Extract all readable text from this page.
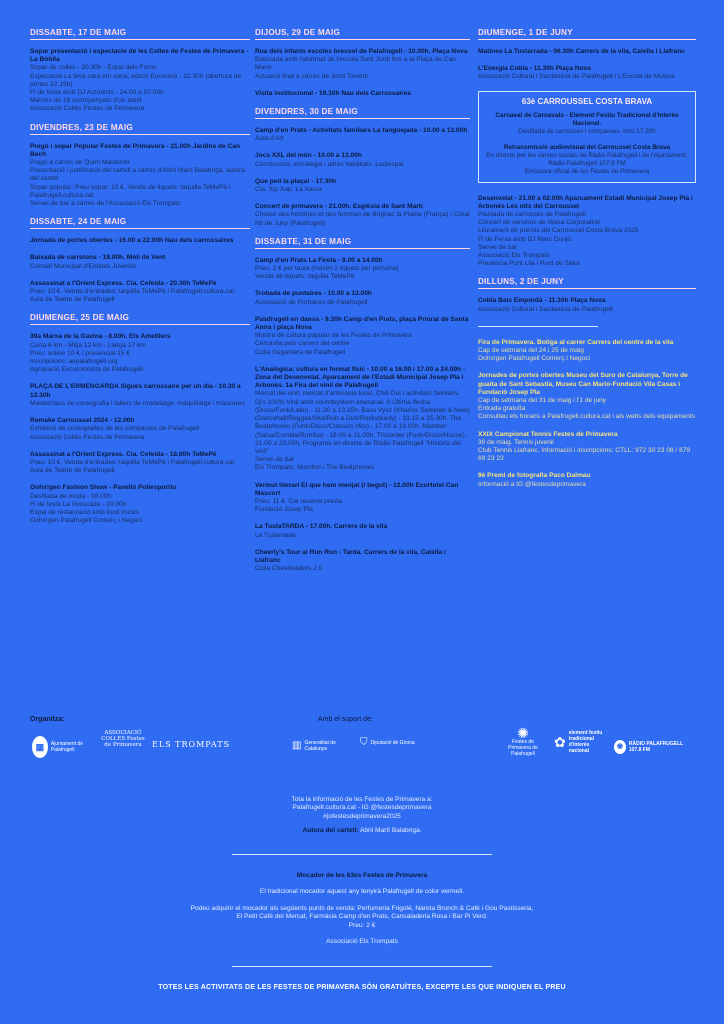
DISSABTE, 17 DE MAIG
Sopar presentació i espectacle de les Colles de Festes de Primavera - La Bòbila
Sopar de colles - 20.30h - Espai dels Forns
Espectacle La teva cara em sona, edició Eurovisió - 22.30h (obertura de portes 22.15h)
Fi de festa amb DJ Arzonists - 24.00 a 02.00h
Menors de 18 acompanyats d'un adult
Associació Colles Festes de Primavera
DIVENDRES, 23 DE MAIG
Pregó i sopar Popular Festes de Primavera - 21.00h Jardins de Can Bech
Pregó a càrrec de Quim Masferrer
Presentació i justificació del cartell a càrrec d'Abril Martí Balabriga, autora del cartell
Sopar popular: Preu sopar: 10 €. Venda de tiquets: taquilla TeMePè i Palafrugell.cultura.cat
Servei de bar a càrrec de l'Associació Els Trompats
DISSABTE, 24 DE MAIG
Jornada de portes obertes - 16.00 a 22.00h Nau dels carrossaires
Baixada de carretons - 18.00h. Molí de Vent
Consell Municipal d'Entitats Juvenils
Assassinat a l'Orient Express. Cia. Cefeida - 20.30h TeMePè
Preu: 10 €. Venda d'entrades: taquilla TeMePè i Palafrugell.cultura.cat
Aula de Teatre de Palafrugell
DIUMENGE, 25 DE MAIG
39a Marxa de la Gavina - 8.00h. Els Ametllers
Curta 6 km - Mitja 12 km - Llarga 17 km
Preu: online 10 € / presencial 15 €
Inscripcions: aepalafrugell.org
Agrupació Excursionista de Palafrugell
PLAÇA DE L'ERMENGARDA Sigues carrossaire per un dia - 10.30 a 13.30h
Masterclass de coreografia i tallers de modelatge, maquillatge i màscares
Remake Carroussel 2024 - 12.00h
Exhibició de coreografies de les comparses de Palafrugell
Associació Colles Festes de Primavera
Assassinat a l'Orient Express. Cia. Cefeida - 18.00h TeMePè
Preu: 10 €. Venda d'entrades: taquilla TeMePè i Palafrugell.cultura.cat
Aula de Teatre de Palafrugell
Oohx!gen Fashion Show - Pavelló Poliesportiu
Desfilada de moda - 18.00h
Fi de festa La Grescada - 20.00h
Espai de restauració amb food trucks
Oohx!gen Palafrugell Comerç i Negoci
DIJOUS, 29 DE MAIG
Rua dels infants escoles bressol de Palafrugell - 10.00h. Plaça Nova
Batucada amb l'alumnat de l'escola Sant Jordi fins a la Plaça de Can Mario
Actuació final a càrrec de Jordi Tonietti
Visita institucional - 19.30h Nau dels Carrossaires
DIVENDRES, 30 DE MAIG
Camp d'en Prats - Activitats familiars La fanguejada - 10.00 a 13.00h
Aula d'Art
Jocs XXL del món - 10.00 a 13.00h
Construcció, estratègia i altres habilitats. Ludiespai
Que petí la plaça! - 17.30h
Cia. Xip Xap. La Xarxa
Concert de primavera - 21.00h. Església de Sant Martí
Choeur des hommes et des femmes de Brignac la Plaine (França) / Coral Nit de Juny (Palafrugell)
DISSABTE, 31 DE MAIG
Camp d'en Prats La Fireta - 9.00 a 14.00h
Preu: 2 € per taula (màxim 2 tiquets per persona)
Venda de tiquets: taquilla TeMePè
Trobada de puntaires - 10.00 a 13.00h
Associació de Puntaires de Palafrugell
Palafrugell en dansa - 9.30h Camp d'en Prats, plaça Priorat de Santa Anna i plaça Nova
Mostra de cultura popular de les Festes de Primavera
Cercavila pels carrers del centre
Colla Gegantera de Palafrugell
L'Analògica: cultura en format físic - 10.00 a 16.00 i 17.00 a 24.00h - Zona del Desenvelat. Aparcament de l'Estadi Municipal Josep Pla i Arbonès. 1a Fira del vinil de Palafrugell
Mercat del vinil, mercat d'artesania local, Chill Out i activitats familiars
Dj's 100% Vinil amb soundsystem artesanal. A Última flecha (Disco/Funk/Latin) - 11.30 a 13.15h. Bass Vyvz (Kharlos Selektah & Noel) (Dancehall/Reggae/Ska/Rub a Dub/Rocksteady) - 13.15 a 15.30h. The Beatphones (Funk/Disco/Classics Hits) - 17.00 a 19.00h. Mambo! (Salsa/Cumbia/Rumba) - 19.00 a 21.00h. Thisorder (Funk/Disco/House) - 21.00 a 23.00h. Programa en directe de Ràdio Palafrugell "Història del vinil"
Servei de bar
Els Trompats, Mambo! i The Beatphones
Vermut literari El que hem menjat (i begut) - 12.00h EcoHotel Can Mascort
Preu: 11 €. Cal reserva prèvia
Fundació Josep Pla
La TustaTARDA - 17.00h. Carrers de la vila
La Tustarrada
Cheerly's Tour al Run Run - Tarda. Carrers de la vila, Calella i Llafranc
Colla Cheerleaders 2.0
DIUMENGE, 1 DE JUNY
Matines La Tustarrada - 06.30h Carrers de la vila, Calella i Llafranc
L'Energia Cobla - 11.30h Plaça Nova
Associació Cultural i Sardanista de Palafrugell i L'Escola de Música
63è CARROUSSEL COSTA BRAVA
Carnaval de Carnavals - Element Festiu Tradicional d'Interès Nacional.
Desfilada de carrosses i comparses. Inici 17.30h

Retransmissió audiovisual del Carroussel Costa Brava
En directe per les xarxes socials de Ràdio Palafrugell i de l'Ajuntament. Ràdio Palafrugell 107.8 FM
Emissora oficial de les Festes de Primavera
Desenvelat - 21.00 a 02.00h Aparcament Estadi Municipal Josep Pla i Arbonès Les nits del Carroussel
Plantada de carrosses de Palafrugell
Concert de versions de Wasa Corporation
Lliurament de premis del Carroussel Costa Brava 2025
Fi de Festa amb DJ Marc Dunjó
Servei de bar
Associació Els Trompats
Presència Punt Lila i Punt de Salut
DILLUNS, 2 DE JUNY
Cobla Baix Empordà - 11.30h Plaça Nova
Associació Cultural i Sardanista de Palafrugell
Fira de Primavera. Botiga al carrer Carrers del centre de la vila
Cap de setmana del 24 i 25 de maig
Oohx!gen Palafrugell Comerç i Negoci
Jornades de portes obertes Museu del Suro de Catalunya, Torre de guaita de Sant Sebastià, Museu Can Mario-Fundació Vila Casas i Fundació Josep Pla
Cap de setmana del 31 de maig i l'1 de juny
Entrada gratuïta
Consulteu els horaris a Palafrugell.cultura.cat i als webs dels equipaments
XXIX Campionat Tennis Festes de Primavera
30 de maig. Tennis juvenil
Club Tennis Llafranc. Informació i inscripcions: CTLL: 972 30 23 08 / 679 69 23 23
9è Premi de fotografia Paco Dalmau
Informació a IG @festesdeprimavera
Organitza:	Amb el suport de:
▦	Ajuntament de Palafrugell
ASSOCIACIÓ COLLES Festes de Primavera	ELS TROMPATS	▥ Generalitat de Catalunya
⛉ Diputació de Girona
✺
Festes de Primavera de Palafrugell
✿
element festiu tradicional d'interès nacional
◉	RÀDIO PALAFRUGELL 107.8 FM
Tota la informació de les Festes de Primavera a:
Palafrugell.cultura.cat - IG @festesdeprimavera
#jofestesdeprimavera2025
Autora del cartell: Abril Martí Balabriga.
Mocador de les 63es Festes de Primavera
El tradicional mocador aquest any tenyirà Palafrugell de color vermell.
Podeu adquirir el mocador als següents punts de venda: Perfumeria Frigolé, Nareta Brunch & Cafè i Gou Pastisseria,
El Petit Cafè del Mercat, Farmàcia Camp d'en Prats, Cansaladeria Rosa i Bar Pi Verd.
Preu: 2 €
Associació Els Trompats
TOTES LES ACTIVITATS DE LES FESTES DE PRIMAVERA SÓN GRATUÏTES, EXCEPTE LES QUE INDIQUEN EL PREU
